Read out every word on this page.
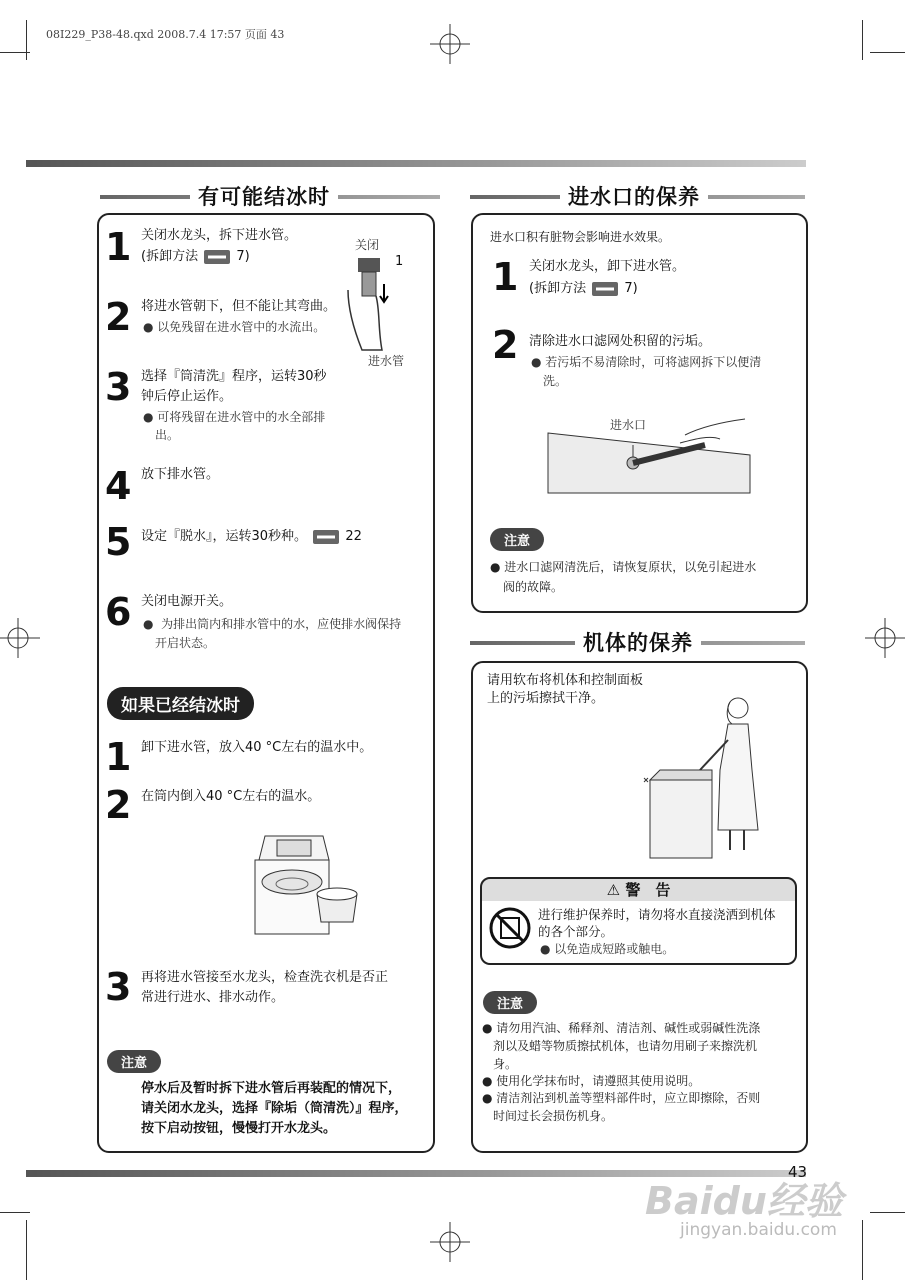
08I229_P38-48.qxd 2008.7.4 17:57 页面 43
有可能结冰时
1 关闭水龙头，拆下进水管。
(拆卸方法	7)
关闭
1
进水管
2 将进水管朝下，但不能让其弯曲。
● 以免残留在进水管中的水流出。
3 选择『筒清洗』程序，运转30秒
钟后停止运作。
● 可将残留在进水管中的水全部排
出。
4 放下排水管。
5 设定『脱水』，运转30秒种。	22
6 关闭电源开关。
●  为排出筒内和排水管中的水，应使排水阀保持
开启状态。
如果已经结冰时
1 卸下进水管，放入40 °C左右的温水中。
2 在筒内倒入40 °C左右的温水。
3 再将进水管接至水龙头，检查洗衣机是否正
常进行进水、排水动作。
注意
停水后及暂时拆下进水管后再装配的情况下，
请关闭水龙头，选择『除垢（筒清洗）』程序，
按下启动按钮，慢慢打开水龙头。
进水口的保养
进水口积有脏物会影响进水效果。
1 关闭水龙头，卸下进水管。
(拆卸方法	7)
2 清除进水口滤网处积留的污垢。
● 若污垢不易清除时，可将滤网拆下以便清
洗。
进水口
注意
● 进水口滤网清洗后，请恢复原状，以免引起进水
阀的故障。
机体的保养
请用软布将机体和控制面板
上的污垢擦拭干净。
⚠ 警　告
进行维护保养时，请勿将水直接浇洒到机体
的各个部分。
● 以免造成短路或触电。
注意
● 请勿用汽油、稀释剂、清洁剂、碱性或弱碱性洗涤
剂以及蜡等物质擦拭机体，也请勿用刷子来擦洗机
身。
● 使用化学抹布时，请遵照其使用说明。
● 清洁剂沾到机盖等塑料部件时，应立即擦除，否则
时间过长会损伤机身。
43
Baidu经验
jingyan.baidu.com
